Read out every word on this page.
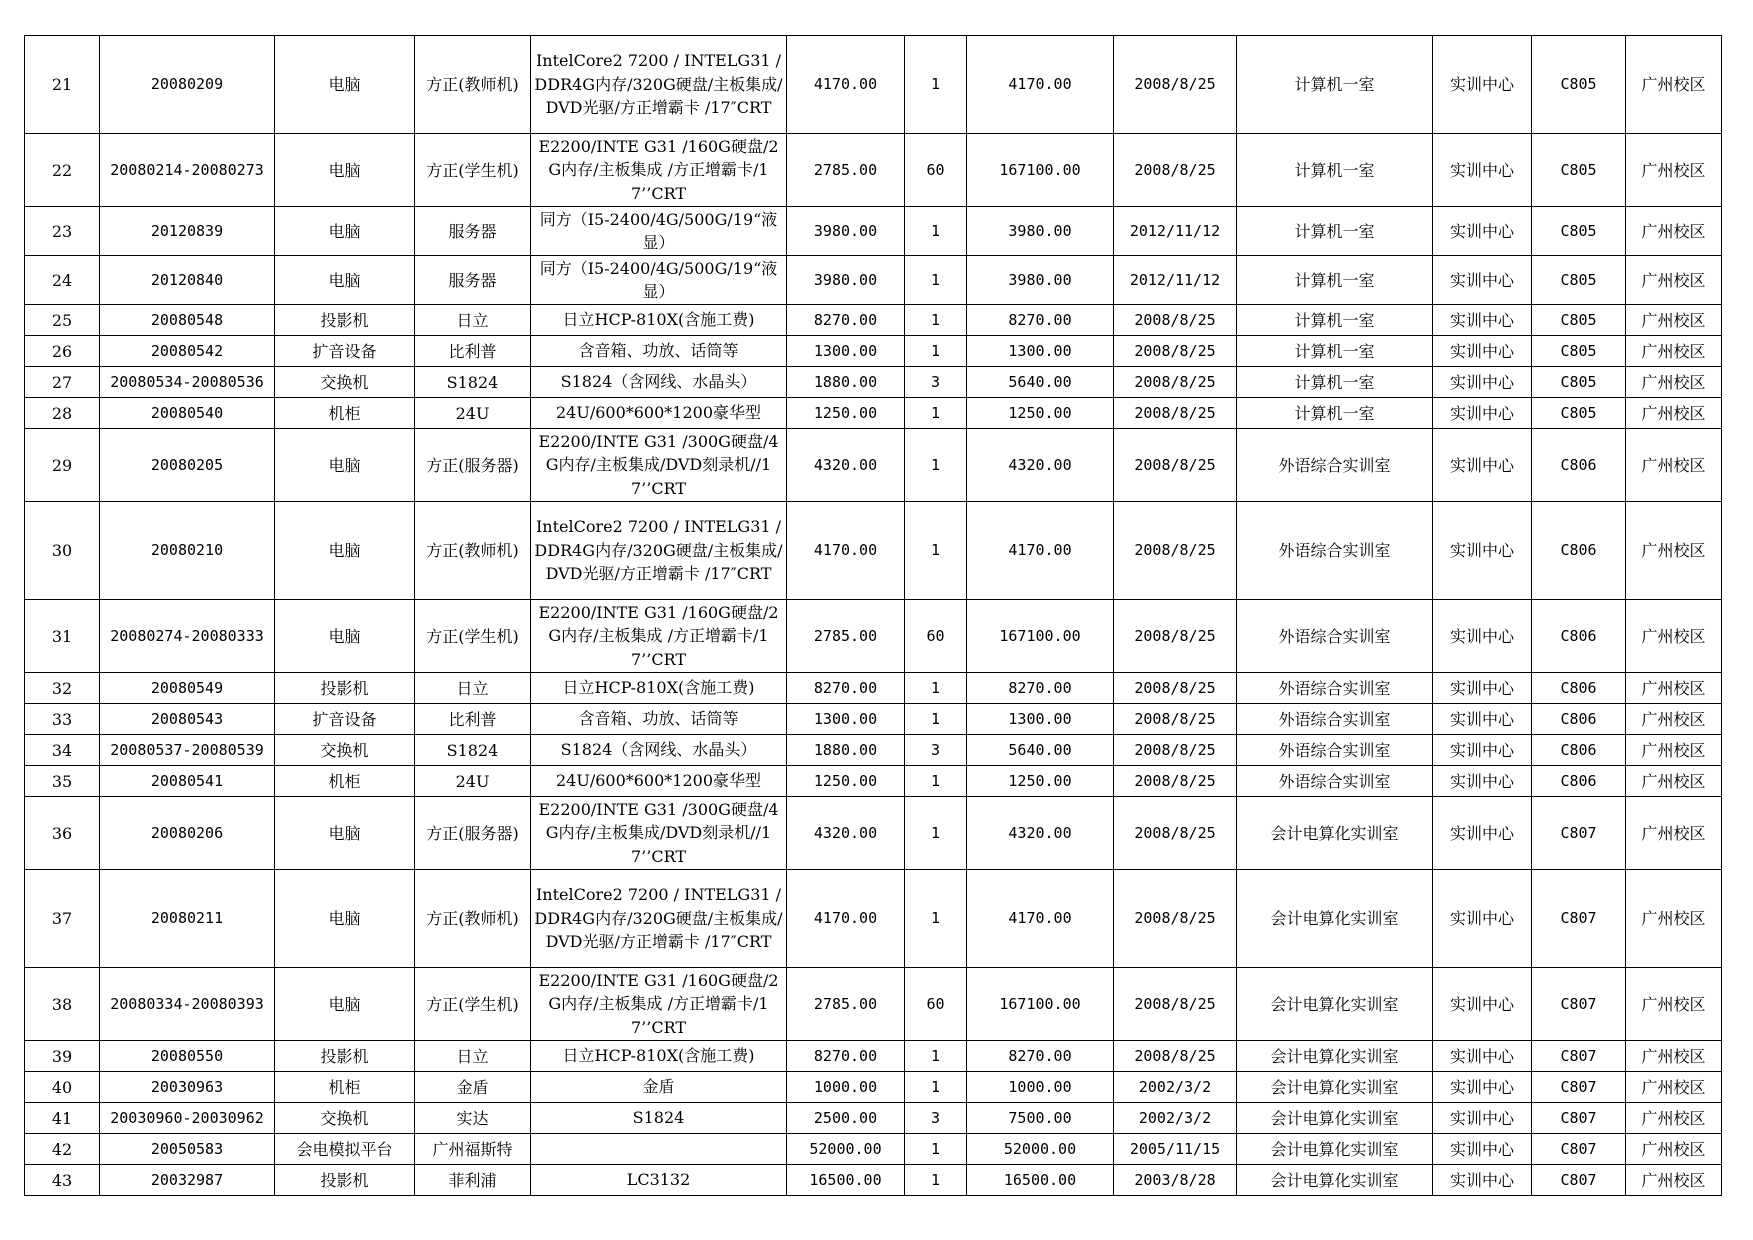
21	20080209	电脑	方正(教师机)	IntelCore2 7200 / INTELG31 /DDR4G内存/320G硬盘/主板集成/DVD光驱/方正增霸卡 /17″CRT	4170.00	1	4170.00	2008/8/25	计算机一室	实训中心	C805	广州校区
22	20080214-20080273	电脑	方正(学生机)	E2200/INTE G31 /160G硬盘/2G内存/主板集成 /方正增霸卡/17’’CRT	2785.00	60	167100.00	2008/8/25	计算机一室	实训中心	C805	广州校区
23	20120839	电脑	服务器	同方（I5-2400/4G/500G/19“液显）	3980.00	1	3980.00	2012/11/12	计算机一室	实训中心	C805	广州校区
24	20120840	电脑	服务器	同方（I5-2400/4G/500G/19“液显）	3980.00	1	3980.00	2012/11/12	计算机一室	实训中心	C805	广州校区
25	20080548	投影机	日立	日立HCP-810X(含施工费)	8270.00	1	8270.00	2008/8/25	计算机一室	实训中心	C805	广州校区
26	20080542	扩音设备	比利普	含音箱、功放、话筒等	1300.00	1	1300.00	2008/8/25	计算机一室	实训中心	C805	广州校区
27	20080534-20080536	交换机	S1824	S1824（含网线、水晶头）	1880.00	3	5640.00	2008/8/25	计算机一室	实训中心	C805	广州校区
28	20080540	机柜	24U	24U/600*600*1200豪华型	1250.00	1	1250.00	2008/8/25	计算机一室	实训中心	C805	广州校区
29	20080205	电脑	方正(服务器)	E2200/INTE G31 /300G硬盘/4G内存/主板集成/DVD刻录机//17’’CRT	4320.00	1	4320.00	2008/8/25	外语综合实训室	实训中心	C806	广州校区
30	20080210	电脑	方正(教师机)	IntelCore2 7200 / INTELG31 /DDR4G内存/320G硬盘/主板集成/DVD光驱/方正增霸卡 /17″CRT	4170.00	1	4170.00	2008/8/25	外语综合实训室	实训中心	C806	广州校区
31	20080274-20080333	电脑	方正(学生机)	E2200/INTE G31 /160G硬盘/2G内存/主板集成 /方正增霸卡/17’’CRT	2785.00	60	167100.00	2008/8/25	外语综合实训室	实训中心	C806	广州校区
32	20080549	投影机	日立	日立HCP-810X(含施工费)	8270.00	1	8270.00	2008/8/25	外语综合实训室	实训中心	C806	广州校区
33	20080543	扩音设备	比利普	含音箱、功放、话筒等	1300.00	1	1300.00	2008/8/25	外语综合实训室	实训中心	C806	广州校区
34	20080537-20080539	交换机	S1824	S1824（含网线、水晶头）	1880.00	3	5640.00	2008/8/25	外语综合实训室	实训中心	C806	广州校区
35	20080541	机柜	24U	24U/600*600*1200豪华型	1250.00	1	1250.00	2008/8/25	外语综合实训室	实训中心	C806	广州校区
36	20080206	电脑	方正(服务器)	E2200/INTE G31 /300G硬盘/4G内存/主板集成/DVD刻录机//17’’CRT	4320.00	1	4320.00	2008/8/25	会计电算化实训室	实训中心	C807	广州校区
37	20080211	电脑	方正(教师机)	IntelCore2 7200 / INTELG31 /DDR4G内存/320G硬盘/主板集成/DVD光驱/方正增霸卡 /17″CRT	4170.00	1	4170.00	2008/8/25	会计电算化实训室	实训中心	C807	广州校区
38	20080334-20080393	电脑	方正(学生机)	E2200/INTE G31 /160G硬盘/2G内存/主板集成 /方正增霸卡/17’’CRT	2785.00	60	167100.00	2008/8/25	会计电算化实训室	实训中心	C807	广州校区
39	20080550	投影机	日立	日立HCP-810X(含施工费)	8270.00	1	8270.00	2008/8/25	会计电算化实训室	实训中心	C807	广州校区
40	20030963	机柜	金盾	金盾	1000.00	1	1000.00	2002/3/2	会计电算化实训室	实训中心	C807	广州校区
41	20030960-20030962	交换机	实达	S1824	2500.00	3	7500.00	2002/3/2	会计电算化实训室	实训中心	C807	广州校区
42	20050583	会电模拟平台	广州福斯特		52000.00	1	52000.00	2005/11/15	会计电算化实训室	实训中心	C807	广州校区
43	20032987	投影机	菲利浦	LC3132	16500.00	1	16500.00	2003/8/28	会计电算化实训室	实训中心	C807	广州校区
